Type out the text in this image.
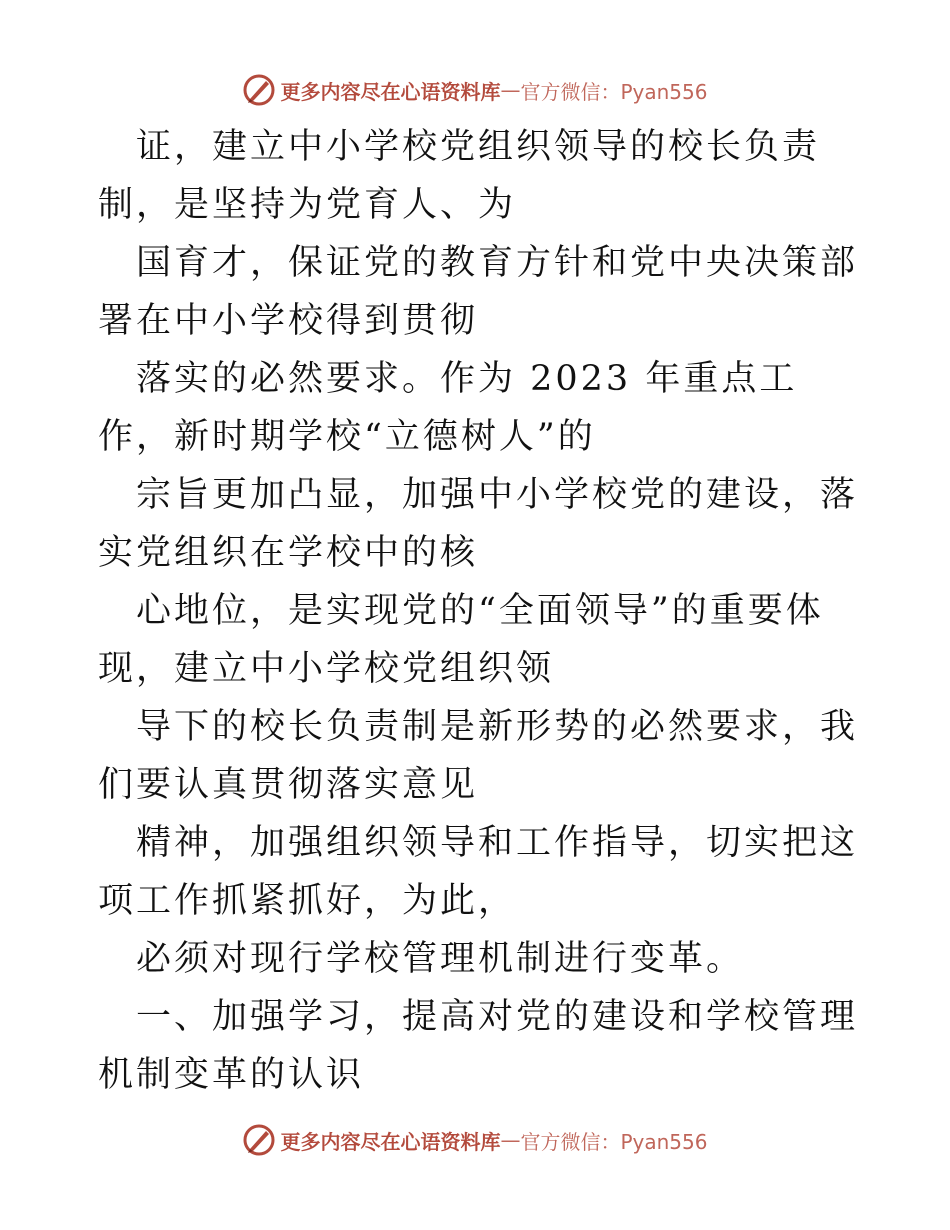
更多内容尽在心语资料库 — 官方微信：Pyan556

证，建立中小学校党组织领导的校长负责制，是坚持为党育人、为

国育才，保证党的教育方针和党中央决策部署在中小学校得到贯彻

落实的必然要求。作为 2023 年重点工作，新时期学校“立德树人”的

宗旨更加凸显，加强中小学校党的建设，落实党组织在学校中的核

心地位，是实现党的“全面领导”的重要体现，建立中小学校党组织领

导下的校长负责制是新形势的必然要求，我们要认真贯彻落实意见

精神，加强组织领导和工作指导，切实把这项工作抓紧抓好，为此，

必须对现行学校管理机制进行变革。

一、加强学习，提高对党的建设和学校管理机制变革的认识

更多内容尽在心语资料库 — 官方微信：Pyan556
